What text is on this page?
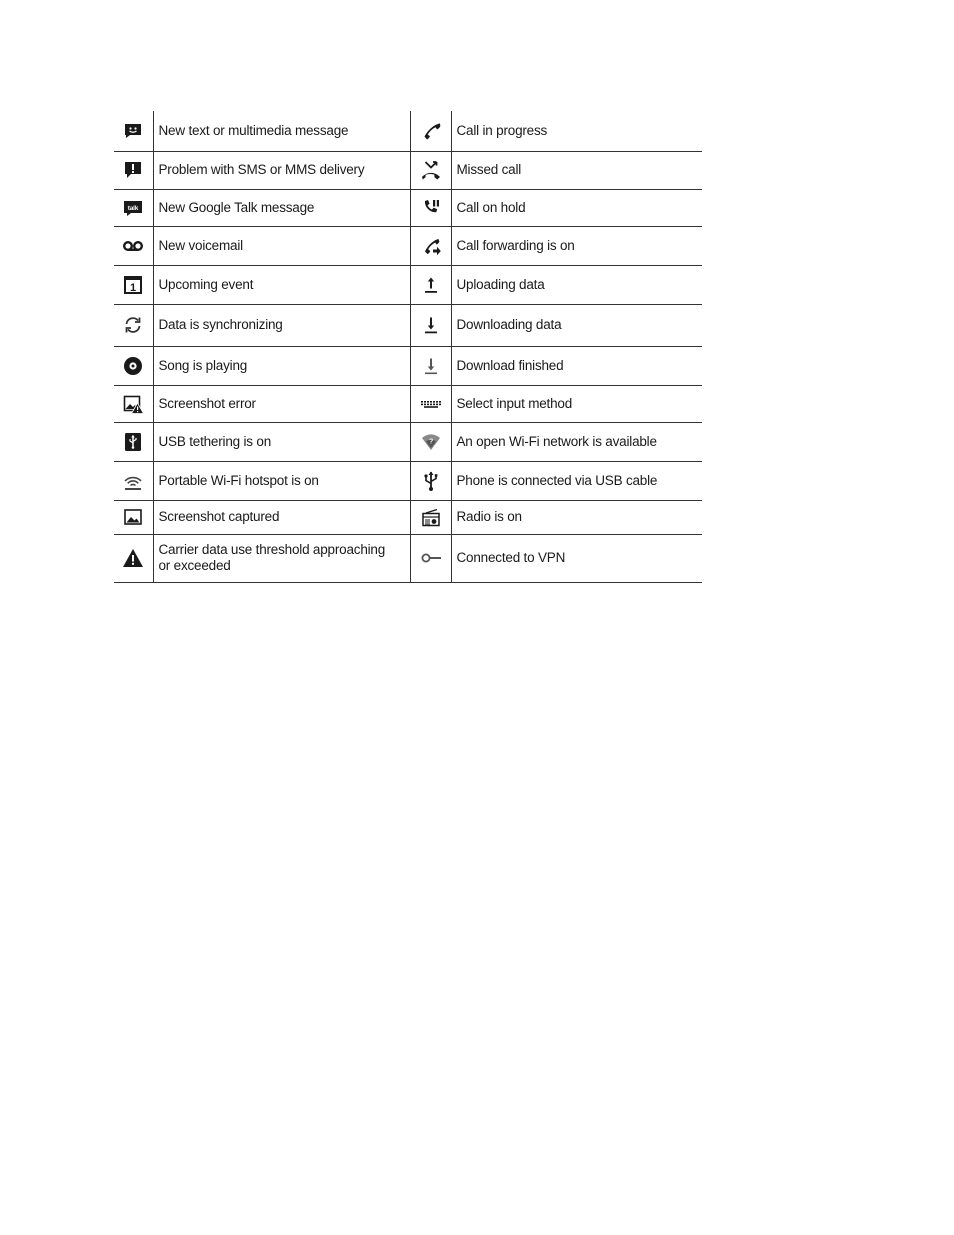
	New text or multimedia message		Call in progress

	Problem with SMS or MMS delivery		Missed call

talk	New Google Talk message		Call on hold

	New voicemail		Call forwarding is on

1	Upcoming event		Uploading data

	Data is synchronizing		Downloading data

	Song is playing		Download finished

	Screenshot error		Select input method

	USB tethering is on	?	An open Wi-Fi network is available

	Portable Wi-Fi hotspot is on		Phone is connected via USB cable

	Screenshot captured		Radio is on

	Carrier data use threshold approaching or exceeded		Connected to VPN
